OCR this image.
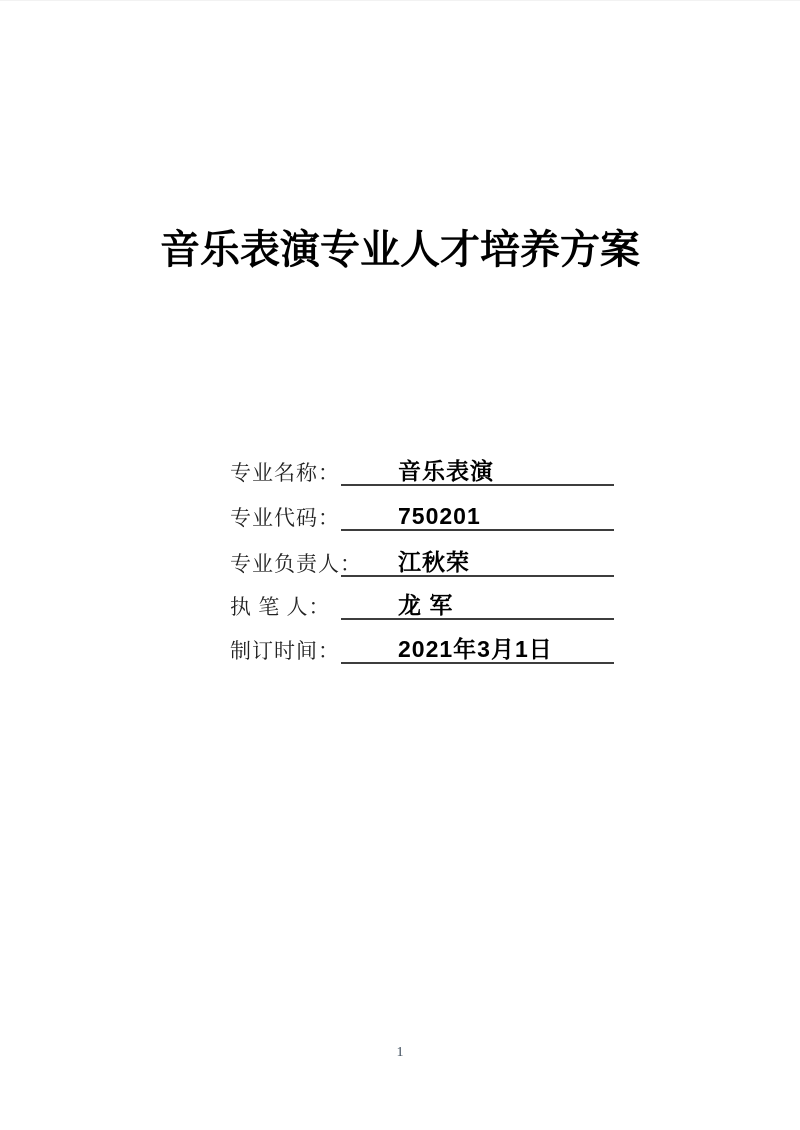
音乐表演专业人才培养方案
专业名称：	音乐表演
专业代码：	750201
专业负责人： 江秋荣
执 笔 人：	龙 军
制订时间：	2021年3月1日
1
